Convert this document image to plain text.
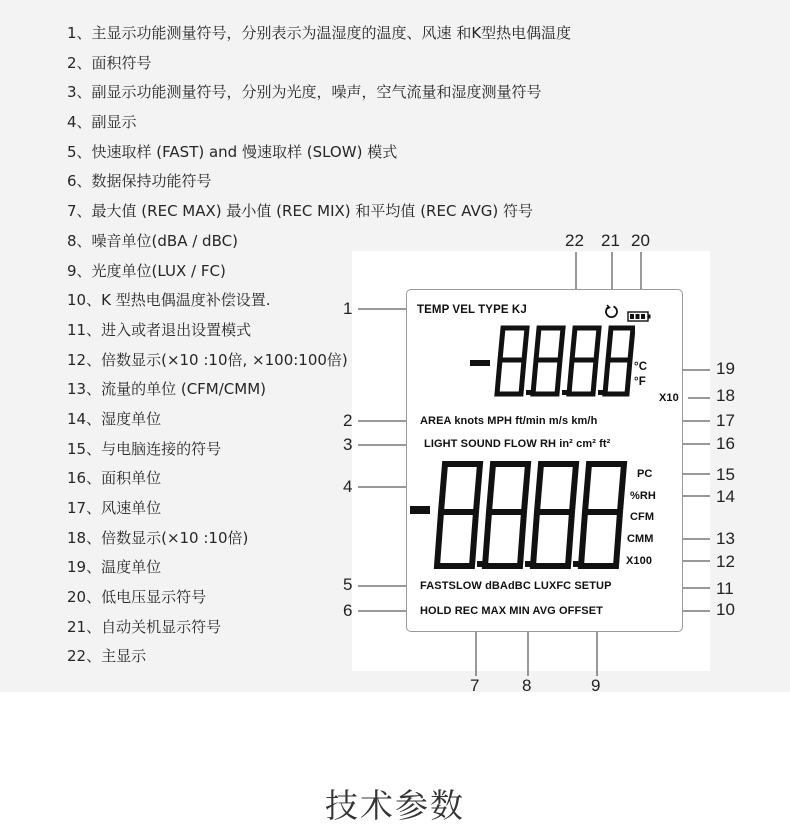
1、主显示功能测量符号，分别表示为温湿度的温度、风速 和K型热电偶温度
2、面积符号
3、副显示功能测量符号，分别为光度，噪声，空气流量和湿度测量符号
4、副显示
5、快速取样 (FAST) and 慢速取样 (SLOW) 模式
6、数据保持功能符号
7、最大值 (REC MAX) 最小值 (REC MIX) 和平均值 (REC AVG) 符号
8、噪音单位(dBA / dBC)
9、光度单位(LUX / FC)
10、K 型热电偶温度补偿设置.
11、进入或者退出设置模式
12、倍数显示(×10 :10倍, ×100:100倍)
13、流量的单位 (CFM/CMM)
14、湿度单位
15、与电脑连接的符号
16、面积单位
17、风速单位
18、倍数显示(×10 :10倍)
19、温度单位
20、低电压显示符号
21、自动关机显示符号
22、主显示
TEMP VEL TYPE KJ
°C
°F
X10
AREA knots MPH ft/min m/s km/h
LIGHT SOUND FLOW RH in² cm² ft²
PC
%RH
CFM
CMM
X100
FASTSLOW dBAdBC LUXFC SETUP
HOLD REC MAX MIN AVG OFFSET
1
2
3
4
5
6
7	8	9
10
11
12
13
14
15
16
17
18
19
20
21
22
技术参数
